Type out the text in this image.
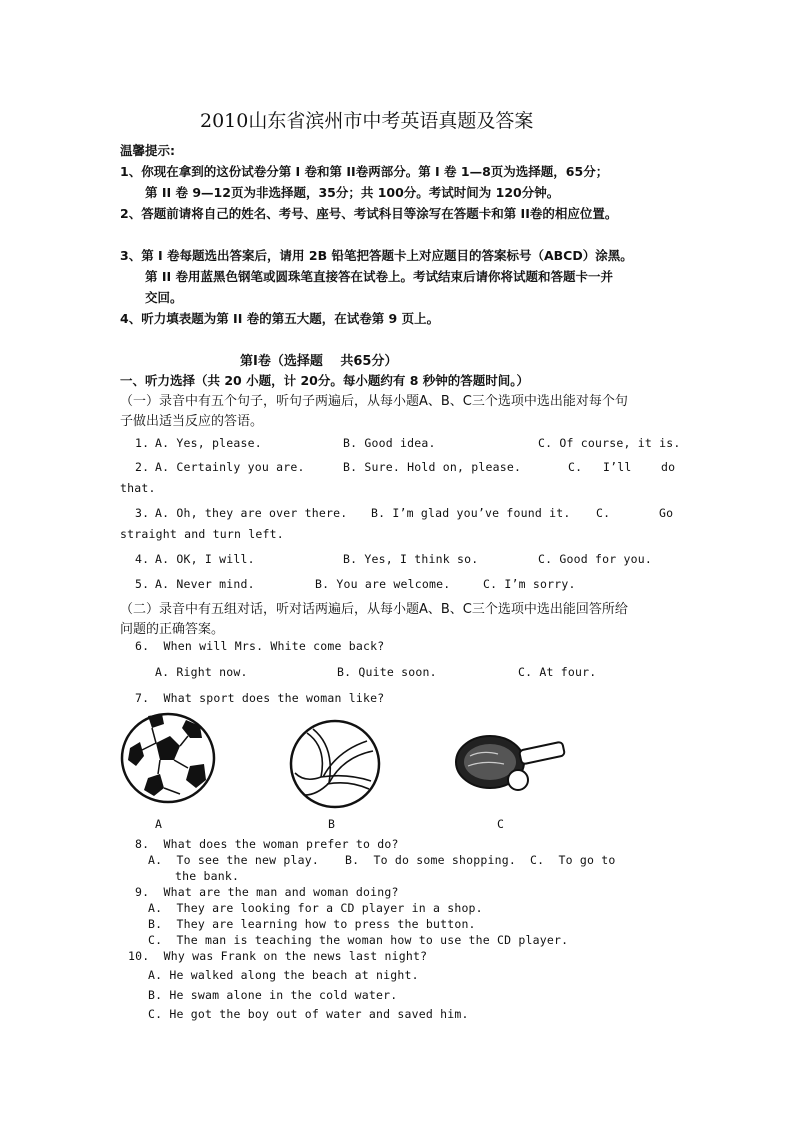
2010山东省滨州市中考英语真题及答案
温馨提示:
1、你现在拿到的这份试卷分第 I 卷和第 II卷两部分。第 I 卷 1—8页为选择题，65分；
第 II 卷 9—12页为非选择题，35分；共 100分。考试时间为 120分钟。
2、答题前请将自己的姓名、考号、座号、考试科目等涂写在答题卡和第 II卷的相应位置。
3、第 I 卷每题选出答案后，请用 2B 铅笔把答题卡上对应题目的答案标号（ABCD）涂黑。
第 II 卷用蓝黑色钢笔或圆珠笔直接答在试卷上。考试结束后请你将试题和答题卡一并
交回。
4、听力填表题为第 II 卷的第五大题，在试卷第 9 页上。
第Ⅰ卷（选择题　 共65分）
一、听力选择（共 20 小题，计 20分。每小题约有 8 秒钟的答题时间。）
（一）录音中有五个句子，听句子两遍后，从每小题A、B、C三个选项中选出能对每个句
子做出适当反应的答语。
1. A. Yes, please.	B. Good idea.	C. Of course, it is.
2. A. Certainly you are.	B. Sure. Hold on, please.	C. I’ll	do
that.
3. A. Oh, they are over there. B. I’m glad you’ve found it. C.	Go
straight and turn left.
4. A. OK, I will.	B. Yes, I think so.	C. Good for you.
5. A. Never mind.	B. You are welcome.	C. I’m sorry.
（二）录音中有五组对话，听对话两遍后，从每小题A、B、C三个选项中选出能回答所给
问题的正确答案。
6.  When will Mrs. White come back?
A. Right now.	B. Quite soon.	C. At four.
7.  What sport does the woman like?
A	B	C
8.  What does the woman prefer to do?
A.  To see the new play. B.  To do some shopping. C.  To go to
the bank.
9.  What are the man and woman doing?
A.  They are looking for a CD player in a shop.
B.  They are learning how to press the button.
C.  The man is teaching the woman how to use the CD player.
10.  Why was Frank on the news last night?
A. He walked along the beach at night.
B. He swam alone in the cold water.
C. He got the boy out of water and saved him.
